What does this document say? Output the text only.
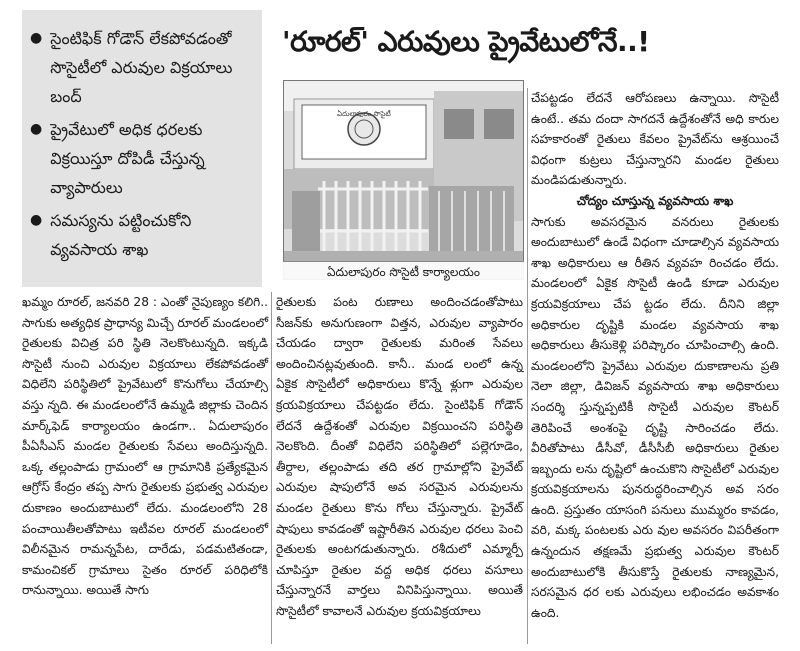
● సైంటిఫిక్ గోడౌన్ లేకపోవడంతో సొసైటీలో ఎరువుల విక్రయాలు బంద్
● ప్రైవేటులో అధిక ధరలకు విక్రయిస్తూ దోపిడీ చేస్తున్న వ్యాపారులు
● సమస్యను పట్టించుకోని వ్యవసాయ శాఖ
'రూరల్' ఎరువులు ప్రైవేటులోనే..!
ఏదులాపురం సొసైటీ
ఏదులాపురం సొసైటీ కార్యాలయం

ఖమ్మం రూరల్, జనవరి 28 : ఎంతో నైపుణ్యం కలిగి.. సాగుకు అత్యధిక ప్రాధాన్య మిచ్చే రూరల్ మండలంలో రైతులకు విచిత్ర పరి స్థితి నెలకొంటున్నది. ఇక్కడి సొసైటీ నుంచి ఎరువుల విక్రయాలు లేకపోవడంతో విధిలేని పరిస్థితిలో ప్రైవేటులో కొనుగోలు చేయాల్సి వస్తు న్నది. ఈ మండలంలోనే ఉమ్మడి జిల్లాకు చెందిన మార్క్‌ఫెడ్ కార్యాలయం ఉండగా.. ఏదులాపురం పీఏసీఎస్ మండల రైతులకు సేవలు అందిస్తున్నది. ఒక్క తల్లంపాడు గ్రామంలో ఆ గ్రామానికి ప్రత్యేకమైన ఆగ్రోస్ కేంద్రం తప్ప సాగు రైతులకు ప్రభుత్వ ఎరువుల దుకాణం అందుబాటులో లేదు. మండలంలోని 28 పంచాయితీలతోపాటు ఇటీవల రూరల్ మండలంలో విలీనమైన రామన్నపేట, దారేడు, పడమటితండా, కామంచికల్ గ్రామాలు సైతం రూరల్ పరిధిలోకి రానున్నాయి. అయితే సాగు

రైతులకు పంట రుణాలు అందించడంతోపాటు సీజన్‌కు అనుగుణంగా విత్తన, ఎరువుల వ్యాపారం చేయడం ద్వారా రైతులకు మరింత సేవలు అందించినట్లవుతుంది. కానీ.. మండ లంలో ఉన్న ఏకైక సొసైటీలో అధికారులు కొన్నే ళ్లుగా ఎరువుల క్రయవిక్రయాలు చేపట్టడం లేదు. సైంటిఫిక్ గోడౌన్ లేదనే ఉద్దేశంతో ఎరువుల విక్రయించని పరిస్థితి నెలకొంది. దీంతో విధిలేని పరిస్థితిలో పల్లెగూడెం, తీర్దాల, తల్లంపాడు తది తర గ్రామాల్లోని ప్రైవేట్ ఎరువుల షాపులోనే అవ సరమైన ఎరువులను మండల రైతులు కొను గోలు చేస్తున్నారు. ప్రైవేట్ షాపులు కావడంతో ఇష్టారీతిన ఎరువుల ధరలు పెంచి రైతులకు అంటగడుతున్నారు. రశీదులో ఎమ్మార్పీ చూపిస్తూ రైతుల వద్ద అధిక ధరలు వసూలు చేస్తున్నారనే వార్తలు వినిపిస్తున్నాయి. అయితే సొసైటీలో కావాలనే ఎరువుల క్రయవిక్రయాలు

చేపట్టడం లేదనే ఆరోపణలు ఉన్నాయి. సొసైటీ ఉంటే.. తమ దందా సాగదనే ఉద్దేశంతోనే అధి కారుల సహకారంతో రైతులు కేవలం ప్రైవేట్‌ను ఆశ్రయించే విధంగా కుట్రలు చేస్తున్నారని మండల రైతులు మండిపడుతున్నారు.

చోద్యం చూస్తున్న వ్యవసాయ శాఖ

సాగుకు అవసరమైన వనరులు రైతులకు అందుబాటులో ఉండే విధంగా చూడాల్సిన వ్యవసాయ శాఖ అధికారులు ఆ రీతిన వ్యవహ రించడం లేదు. మండలంలో ఏకైక సొసైటీ ఉండి కూడా ఎరువుల క్రయవిక్రయాలు చేప ట్టడం లేదు. దీనిని జిల్లా అధికారుల దృష్టికి మండల వ్యవసాయ శాఖ అధికారులు తీసుకెళ్లి పరిష్కారం చూపించాల్సి ఉంది. మండలంలోని ప్రైవేటు ఎరువుల దుకాణాలను ప్రతి నెలా జిల్లా, డివిజన్ వ్యవసాయ శాఖ అధికారులు సందర్శి స్తున్నప్పటికీ సొసైటీ ఎరువుల కౌంటర్ తెరిపించే అంశంపై దృష్టి సారించడం లేదు. వీరితోపాటు డీసీవో, డీసీసీబీ అధికారులు రైతుల ఇబ్బందు లను దృష్టిలో ఉంచుకొని సొసైటీలో ఎరువుల క్రయవిక్రయాలను పునరుద్ధరించాల్సిన అవ సరం ఉంది. ప్రస్తుతం యాసంగి పనులు ముమ్మరం కావడం, వరి, మక్క పంటలకు ఎరు వుల అవసరం విపరీతంగా ఉన్నందున తక్షణమే ప్రభుత్వ ఎరువుల కౌంటర్ అందుబాటులోకి తీసుకొస్తే రైతులకు నాణ్యమైన, సరసమైన ధర లకు ఎరువులు లభించడం అవకాశం ఉంది.
